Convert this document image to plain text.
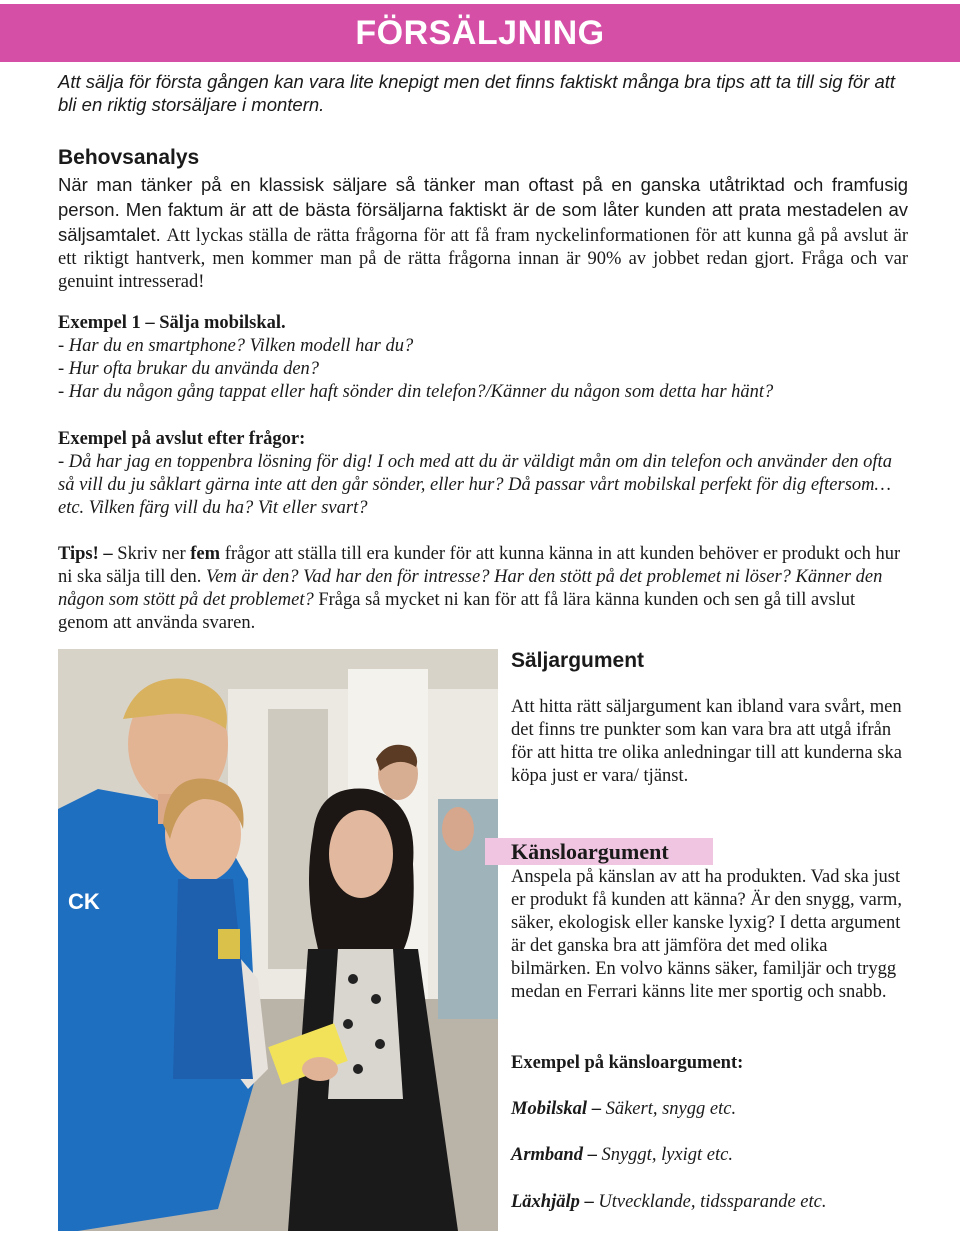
FÖRSÄLJNING
Att sälja för första gången kan vara lite knepigt men det finns faktiskt många bra tips att ta till sig för att bli en riktig storsäljare i montern.
Behovsanalys
När man tänker på en klassisk säljare så tänker man oftast på en ganska utåtriktad och framfusig person. Men faktum är att de bästa försäljarna faktiskt är de som låter kunden att prata mestadelen av säljsamtalet. Att lyckas ställa de rätta frågorna för att få fram nyckelinformationen för att kunna gå på avslut är ett riktigt hantverk, men kommer man på de rätta frågorna innan är 90% av jobbet redan gjort. Fråga och var genuint intresserad!
Exempel 1 – Sälja mobilskal.
- Har du en smartphone? Vilken modell har du?
- Hur ofta brukar du använda den?
- Har du någon gång tappat eller haft sönder din telefon?/Känner du någon som detta har hänt?
Exempel på avslut efter frågor:
- Då har jag en toppenbra lösning för dig! I och med att du är väldigt mån om din telefon och använder den ofta så vill du ju såklart gärna inte att den går sönder, eller hur? Då passar vårt mobilskal perfekt för dig eftersom… etc. Vilken färg vill du ha? Vit eller svart?
Tips! – Skriv ner fem frågor att ställa till era kunder för att kunna känna in att kunden behöver er produkt och hur ni ska sälja till den. Vem är den? Vad har den för intresse? Har den stött på det problemet ni löser? Känner den någon som stött på det problemet? Fråga så mycket ni kan för att få lära känna kunden och sen gå till avslut genom att använda svaren.
CK
Säljargument
Att hitta rätt säljargument kan ibland vara svårt, men det finns tre punkter som kan vara bra att utgå ifrån för att hitta tre olika anledningar till att kunderna ska köpa just er vara/ tjänst.
Känsloargument
Anspela på känslan av att ha produkten. Vad ska just er produkt få kunden att känna? Är den snygg, varm, säker, ekologisk eller kanske lyxig? I detta argument är det ganska bra att jämföra det med olika bilmärken. En volvo känns säker, familjär och trygg medan en Ferrari känns lite mer sportig och snabb.
Exempel på känsloargument:
Mobilskal – Säkert, snygg etc.
Armband – Snyggt, lyxigt etc.
Läxhjälp – Utvecklande, tidssparande etc.
